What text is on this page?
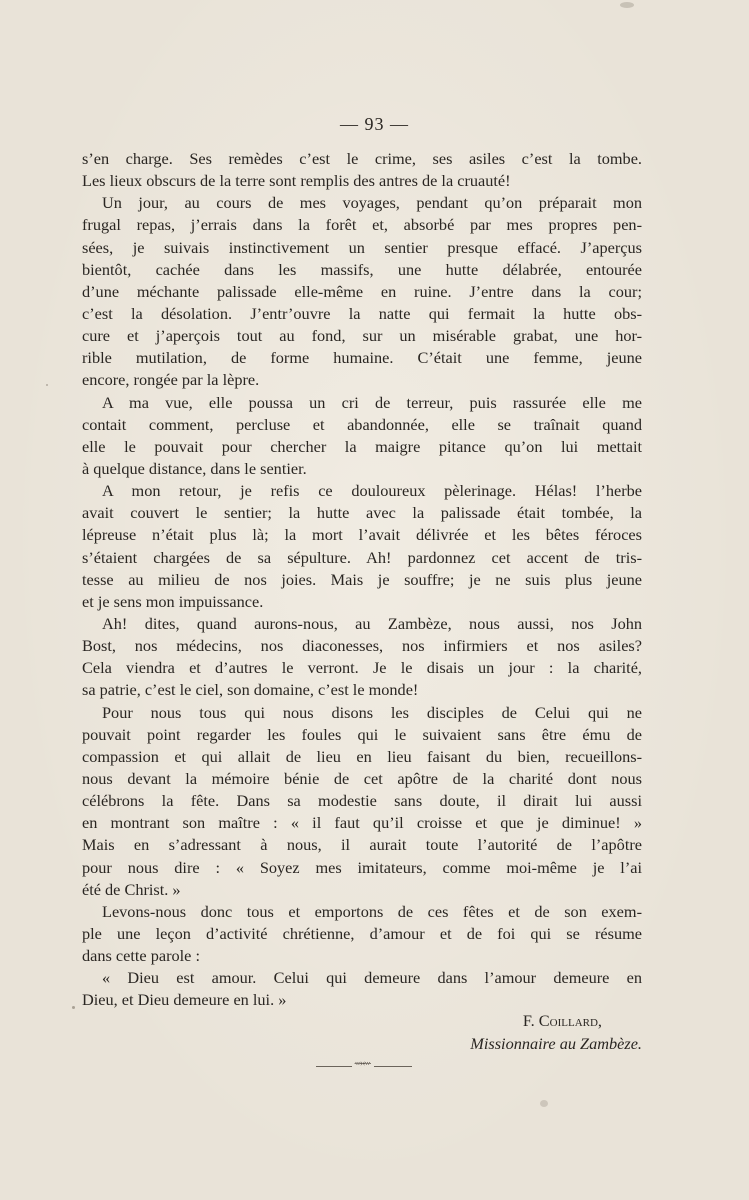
— 93 —
s’en charge. Ses remèdes c’est le crime, ses asiles c’est la tombe.
Les lieux obscurs de la terre sont remplis des antres de la cruauté!
Un jour, au cours de mes voyages, pendant qu’on préparait mon
frugal repas, j’errais dans la forêt et, absorbé par mes propres pen-
sées, je suivais instinctivement un sentier presque effacé. J’aperçus
bientôt, cachée dans les massifs, une hutte délabrée, entourée
d’une méchante palissade elle-même en ruine. J’entre dans la cour;
c’est la désolation. J’entr’ouvre la natte qui fermait la hutte obs-
cure et j’aperçois tout au fond, sur un misérable grabat, une hor-
rible mutilation, de forme humaine. C’était une femme, jeune
encore, rongée par la lèpre.
A ma vue, elle poussa un cri de terreur, puis rassurée elle me
contait comment, percluse et abandonnée, elle se traînait quand
elle le pouvait pour chercher la maigre pitance qu’on lui mettait
à quelque distance, dans le sentier.
A mon retour, je refis ce douloureux pèlerinage. Hélas! l’herbe
avait couvert le sentier; la hutte avec la palissade était tombée, la
lépreuse n’était plus là; la mort l’avait délivrée et les bêtes féroces
s’étaient chargées de sa sépulture. Ah! pardonnez cet accent de tris-
tesse au milieu de nos joies. Mais je souffre; je ne suis plus jeune
et je sens mon impuissance.
Ah! dites, quand aurons-nous, au Zambèze, nous aussi, nos John
Bost, nos médecins, nos diaconesses, nos infirmiers et nos asiles?
Cela viendra et d’autres le verront. Je le disais un jour : la charité,
sa patrie, c’est le ciel, son domaine, c’est le monde!
Pour nous tous qui nous disons les disciples de Celui qui ne
pouvait point regarder les foules qui le suivaient sans être ému de
compassion et qui allait de lieu en lieu faisant du bien, recueillons-
nous devant la mémoire bénie de cet apôtre de la charité dont nous
célébrons la fête. Dans sa modestie sans doute, il dirait lui aussi
en montrant son maître : « il faut qu’il croisse et que je diminue! »
Mais en s’adressant à nous, il aurait toute l’autorité de l’apôtre
pour nous dire : « Soyez mes imitateurs, comme moi-même je l’ai
été de Christ. »
Levons-nous donc tous et emportons de ces fêtes et de son exem-
ple une leçon d’activité chrétienne, d’amour et de foi qui se résume
dans cette parole :
« Dieu est amour. Celui qui demeure dans l’amour demeure en
Dieu, et Dieu demeure en lui. »
F. Coillard,
Missionnaire au Zambèze.
⇝⇜
